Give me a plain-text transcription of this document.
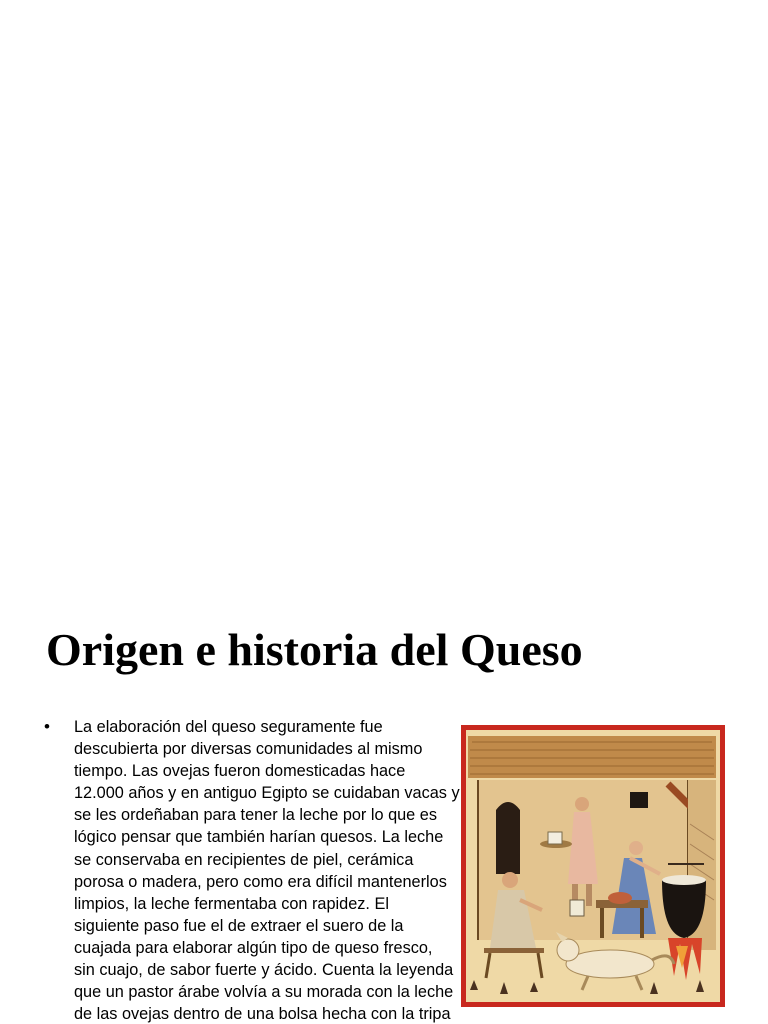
Origen e historia del Queso
• La elaboración del queso seguramente fue
descubierta por diversas comunidades al mismo
tiempo. Las ovejas fueron domesticadas hace
12.000 años y en antiguo Egipto se cuidaban vacas y
se les ordeñaban para tener la leche por lo que es
lógico pensar que también harían quesos. La leche
se conservaba en recipientes de piel, cerámica
porosa o madera, pero como era difícil mantenerlos
limpios, la leche fermentaba con rapidez. El
siguiente paso fue el de extraer el suero de la
cuajada para elaborar algún tipo de queso fresco,
sin cuajo, de sabor fuerte y ácido. Cuenta la leyenda
que un pastor árabe volvía a su morada con la leche
de las ovejas dentro de una bolsa hecha con la tripa
